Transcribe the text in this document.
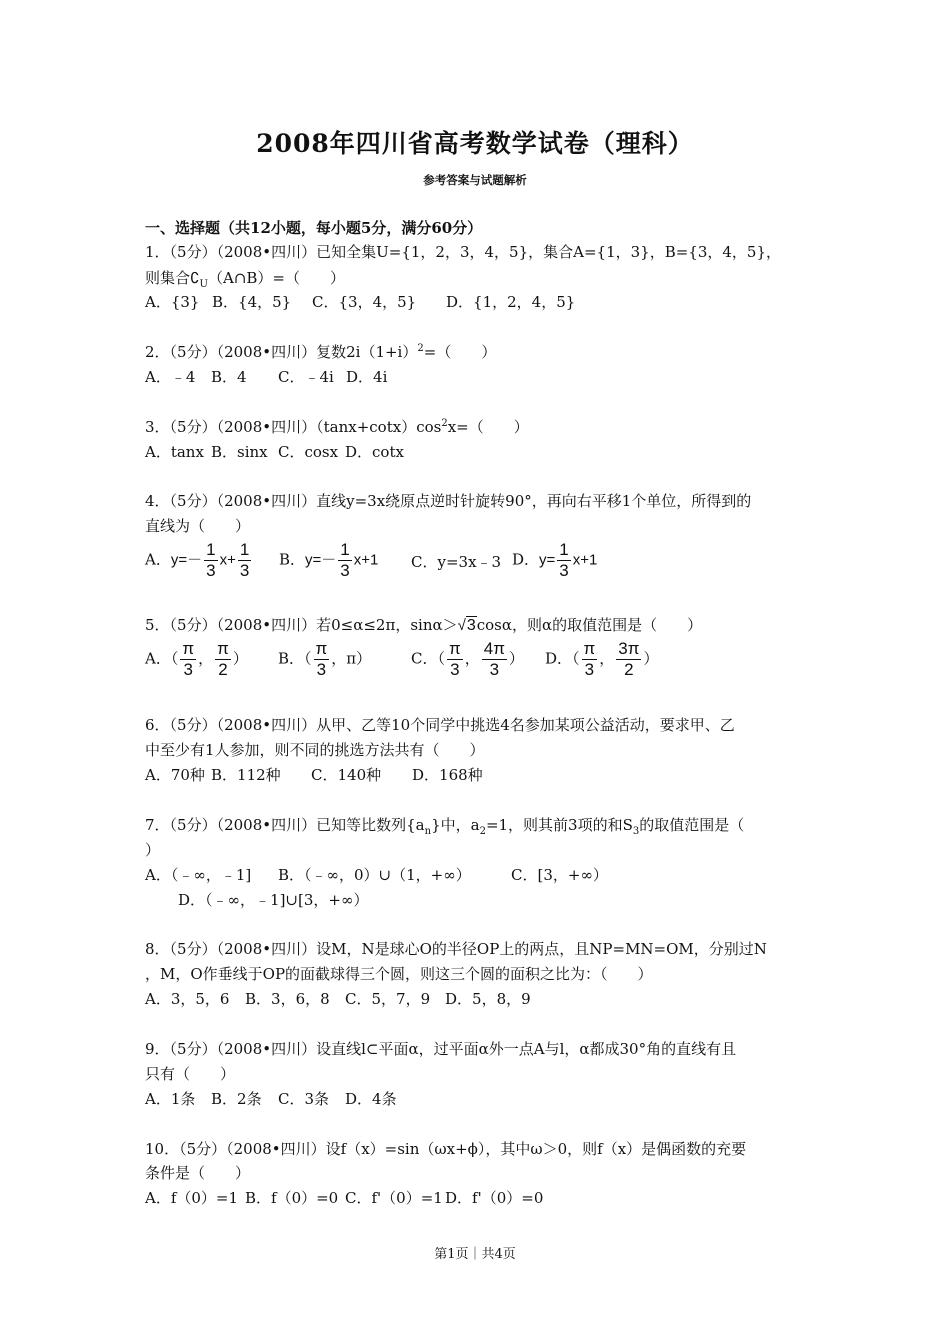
2008年四川省高考数学试卷（理科）
参考答案与试题解析
一、选择题（共12小题，每小题5分，满分60分）
1．（5分）（2008•四川）已知全集U={1，2，3，4，5}，集合A={1，3}，B={3，4，5}，
则集合$∁_U(A\cap B)=$（　　）
A．{3} B．{4，5} C．{3，4，5} D．{1，2，4，5}
2．（5分）（2008•四川）复数$2i(1+i)^2=$（　　）
A．﹣4 B．4 C．﹣4i D．4i
3．（5分）（2008•四川）$(\tan x+\cot x)\cos^2x=$（　　）
A．tanx B．sinx C．cosx D．cotx
4．（5分）（2008•四川）直线y=3x绕原点逆时针旋转90°，再向右平移1个单位，所得到的
直线为（　　）
A．$y=- \frac{1}{3} x+ \frac{1}{3}$ B．$y=- \frac{1}{3} x+1$ C．y=3x﹣3 D．$y= \frac{1}{3} x+1$
5．（5分）（2008•四川）若0≤α≤2π，sinα＞√3cosα，则α的取值范围是（　　）
A．（ $\frac{\pi}{3}$ ， $\frac{\pi}{2}$ ） B．（ $\frac{\pi}{3}$ ，π）	C．（ $\frac{\pi}{3}$ ， $\frac{4\pi}{3}$ ） D．（ $\frac{\pi}{3}$ ， $\frac{3\pi}{2}$ ）
6．（5分）（2008•四川）从甲、乙等10个同学中挑选4名参加某项公益活动，要求甲、乙
中至少有1人参加，则不同的挑选方法共有（　　）
A．70种 B．112种 C．140种 D．168种
7．（5分）（2008•四川）已知等比数列$\{a_n\}$中，$a_2=1$，则其前3项的和$S_3$的取值范围是（
）
A．（﹣∞，﹣1] B．（﹣∞，0）∪（1，+∞）	C．[3，+∞）
D．（﹣∞，﹣1]∪[3，+∞）
8．（5分）（2008•四川）设M，N是球心O的半径OP上的两点，且NP=MN=OM，分别过N
，M，O作垂线于OP的面截球得三个圆，则这三个圆的面积之比为：（　　）
A．3，5，6 B．3，6，8 C．5，7，9 D．5，8，9
9．（5分）（2008•四川）设直线l⊂平面α，过平面α外一点A与l，α都成30°角的直线有且
只有（　　）
A．1条 B．2条 C．3条 D．4条
10．（5分）（2008•四川）设f（x）=sin（ωx+ϕ），其中ω＞0，则f（x）是偶函数的充要
条件是（　　）
A．f（0）=1 B．f（0）=0 C．f'（0）=1 D．f'（0）=0
第1页｜共4页
